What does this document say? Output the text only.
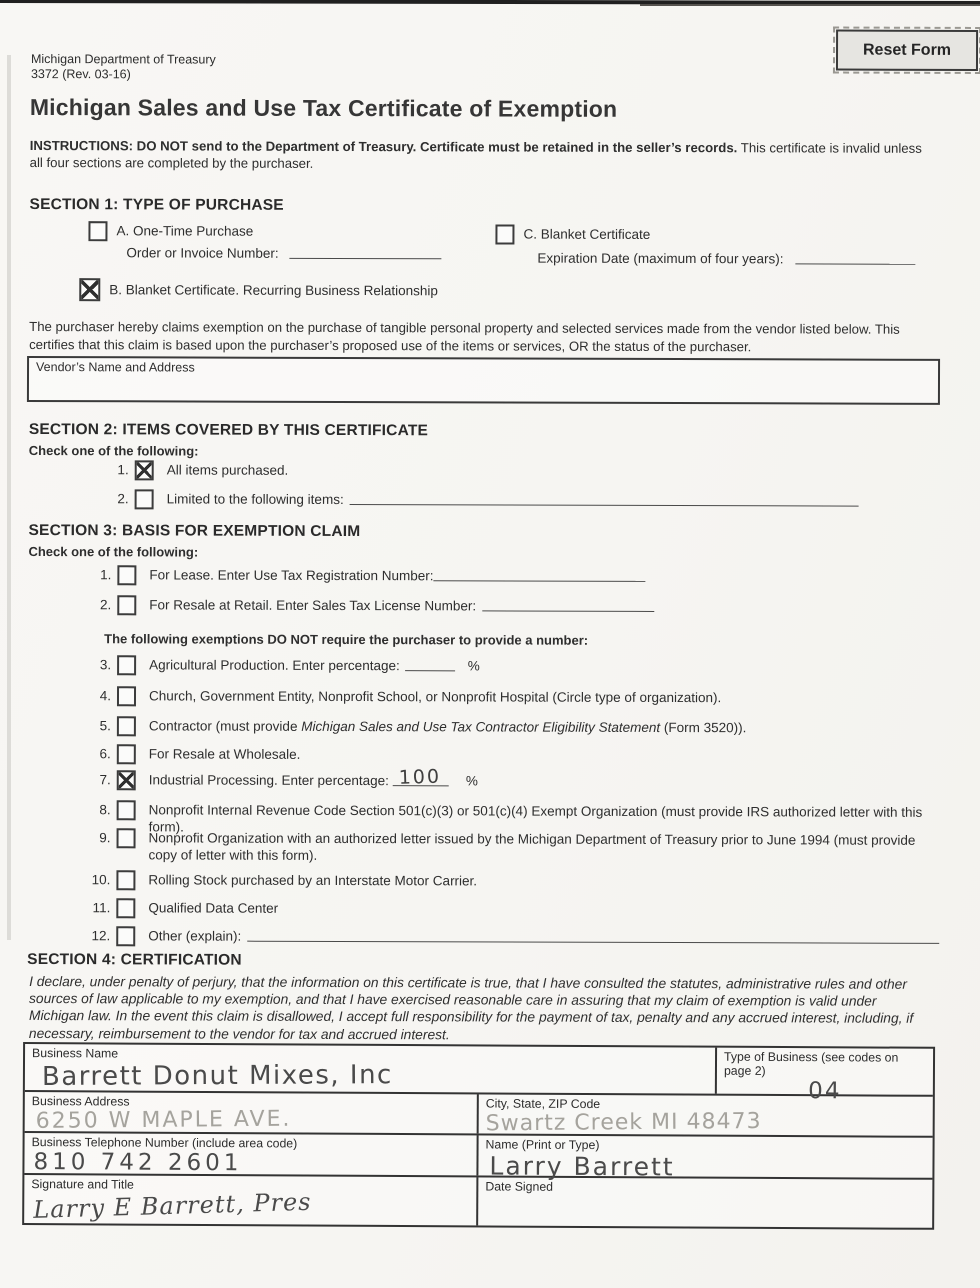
Michigan Department of Treasury
3372 (Rev. 03-16)
Reset Form
Michigan Sales and Use Tax Certificate of Exemption
INSTRUCTIONS: DO NOT send to the Department of Treasury. Certificate must be retained in the seller’s records. This certificate is invalid unless all four sections are completed by the purchaser.
SECTION 1: TYPE OF PURCHASE
A. One-Time Purchase
Order or Invoice Number:
C. Blanket Certificate
Expiration Date (maximum of four years):
B. Blanket Certificate. Recurring Business Relationship
The purchaser hereby claims exemption on the purchase of tangible personal property and selected services made from the vendor listed below. This certifies that this claim is based upon the purchaser’s proposed use of the items or services, OR the status of the purchaser.
Vendor’s Name and Address
SECTION 2: ITEMS COVERED BY THIS CERTIFICATE
Check one of the following:
1.	All items purchased.
2.	Limited to the following items:
SECTION 3: BASIS FOR EXEMPTION CLAIM
Check one of the following:
1.	For Lease. Enter Use Tax Registration Number:
2.	For Resale at Retail. Enter Sales Tax License Number:
The following exemptions DO NOT require the purchaser to provide a number:
3.	Agricultural Production. Enter percentage:	%
4.	Church, Government Entity, Nonprofit School, or Nonprofit Hospital (Circle type of organization).
5.	Contractor (must provide Michigan Sales and Use Tax Contractor Eligibility Statement (Form 3520)).
6.	For Resale at Wholesale.
7.	Industrial Processing. Enter percentage: 100 %
8.	Nonprofit Internal Revenue Code Section 501(c)(3) or 501(c)(4) Exempt Organization (must provide IRS authorized letter with this form).
9.	Nonprofit Organization with an authorized letter issued by the Michigan Department of Treasury prior to June 1994 (must provide copy of letter with this form).
10.	Rolling Stock purchased by an Interstate Motor Carrier.
11.	Qualified Data Center
12.	Other (explain):
SECTION 4: CERTIFICATION
I declare, under penalty of perjury, that the information on this certificate is true, that I have consulted the statutes, administrative rules and other sources of law applicable to my exemption, and that I have exercised reasonable care in assuring that my claim of exemption is valid under Michigan law. In the event this claim is disallowed, I accept full responsibility for the payment of tax, penalty and any accrued interest, including, if necessary, reimbursement to the vendor for tax and accrued interest.
Business Name
Barrett Donut Mixes, Inc
Type of Business (see codes on page 2)
04
Business Address
6250 W MAPLE AVE.
City, State, ZIP Code
Swartz Creek MI 48473
Business Telephone Number (include area code)
810 742 2601
Name (Print or Type)
Larry Barrett
Signature and Title
Larry E Barrett, Pres
Date Signed
